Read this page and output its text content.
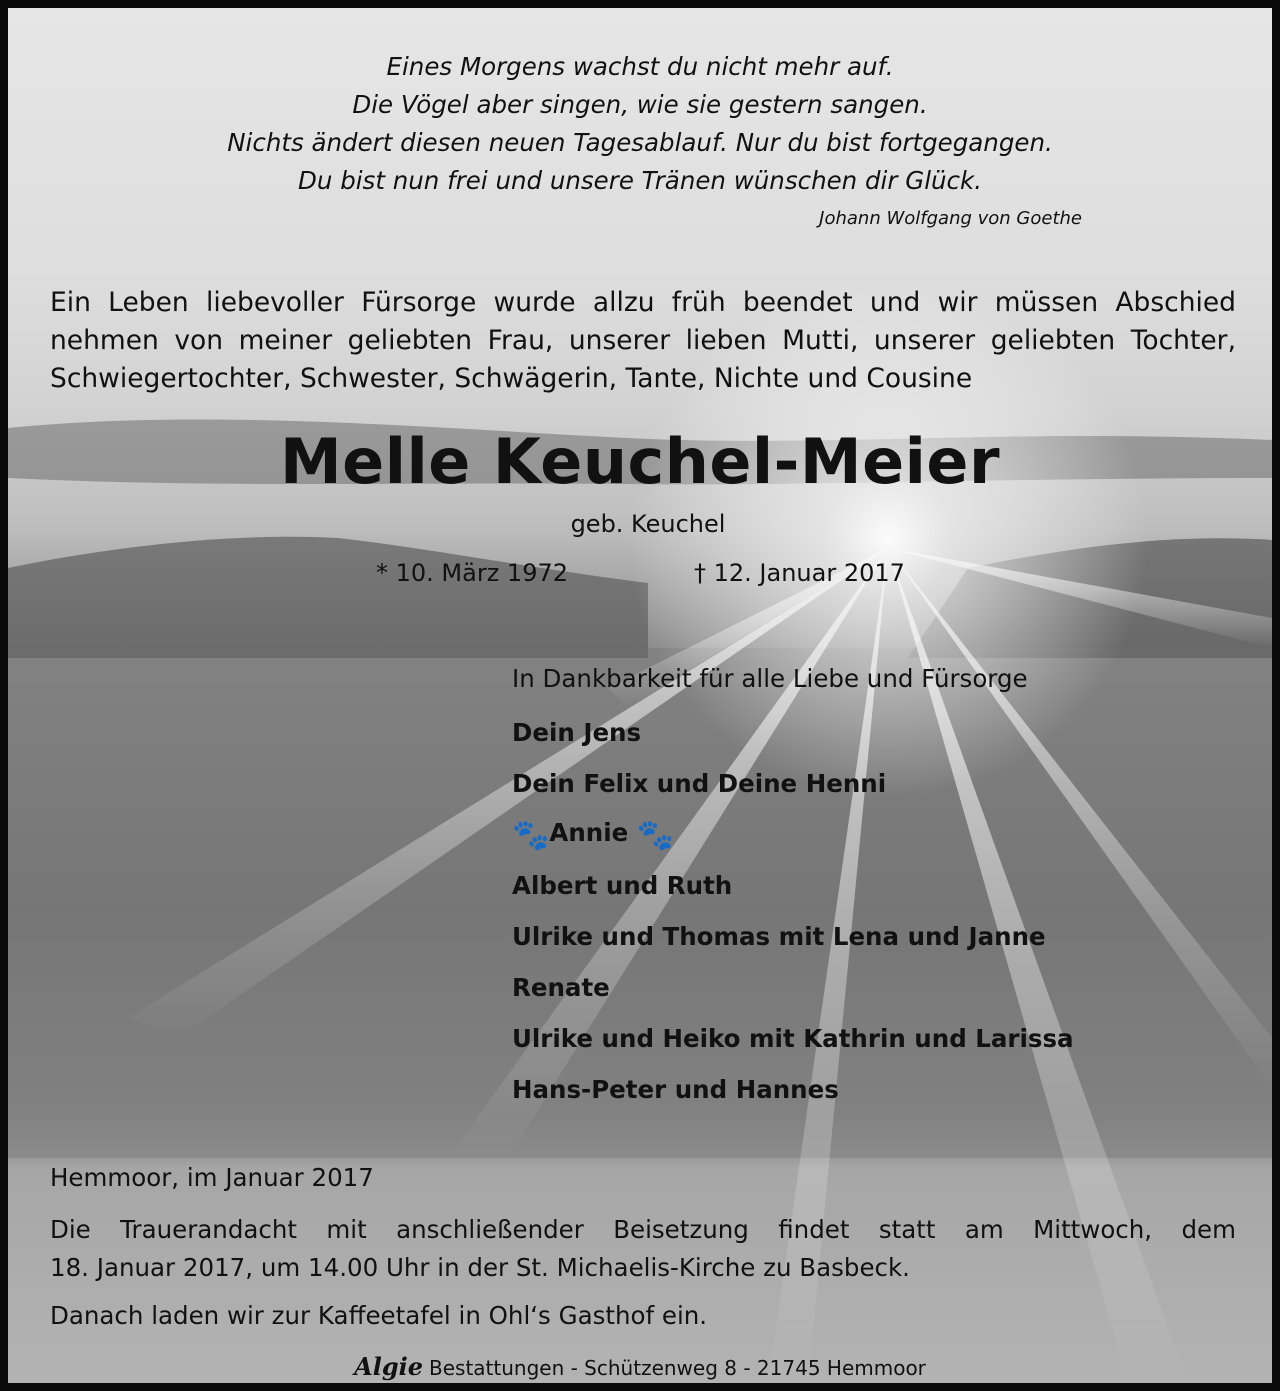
Eines Morgens wachst du nicht mehr auf.
Die Vögel aber singen, wie sie gestern sangen.
Nichts ändert diesen neuen Tagesablauf. Nur du bist fortgegangen.
Du bist nun frei und unsere Tränen wünschen dir Glück.
Johann Wolfgang von Goethe
Ein Leben liebevoller Fürsorge wurde allzu früh beendet und wir müssen Abschied
nehmen von meiner geliebten Frau, unserer lieben Mutti, unserer geliebten Tochter,
Schwiegertochter, Schwester, Schwägerin, Tante, Nichte und Cousine
Melle Keuchel-Meier
geb. Keuchel
* 10. März 1972	† 12. Januar 2017
In Dankbarkeit für alle Liebe und Fürsorge
Dein Jens
Dein Felix und Deine Henni
🐾Annie 🐾
Albert und Ruth
Ulrike und Thomas mit Lena und Janne
Renate
Ulrike und Heiko mit Kathrin und Larissa
Hans-Peter und Hannes
Hemmoor, im Januar 2017
Die Trauerandacht mit anschließender Beisetzung findet statt am Mittwoch, dem
18. Januar 2017, um 14.00 Uhr in der St. Michaelis-Kirche zu Basbeck.
Danach laden wir zur Kaffeetafel in Ohl‘s Gasthof ein.
Algie Bestattungen - Schützenweg 8 - 21745 Hemmoor
